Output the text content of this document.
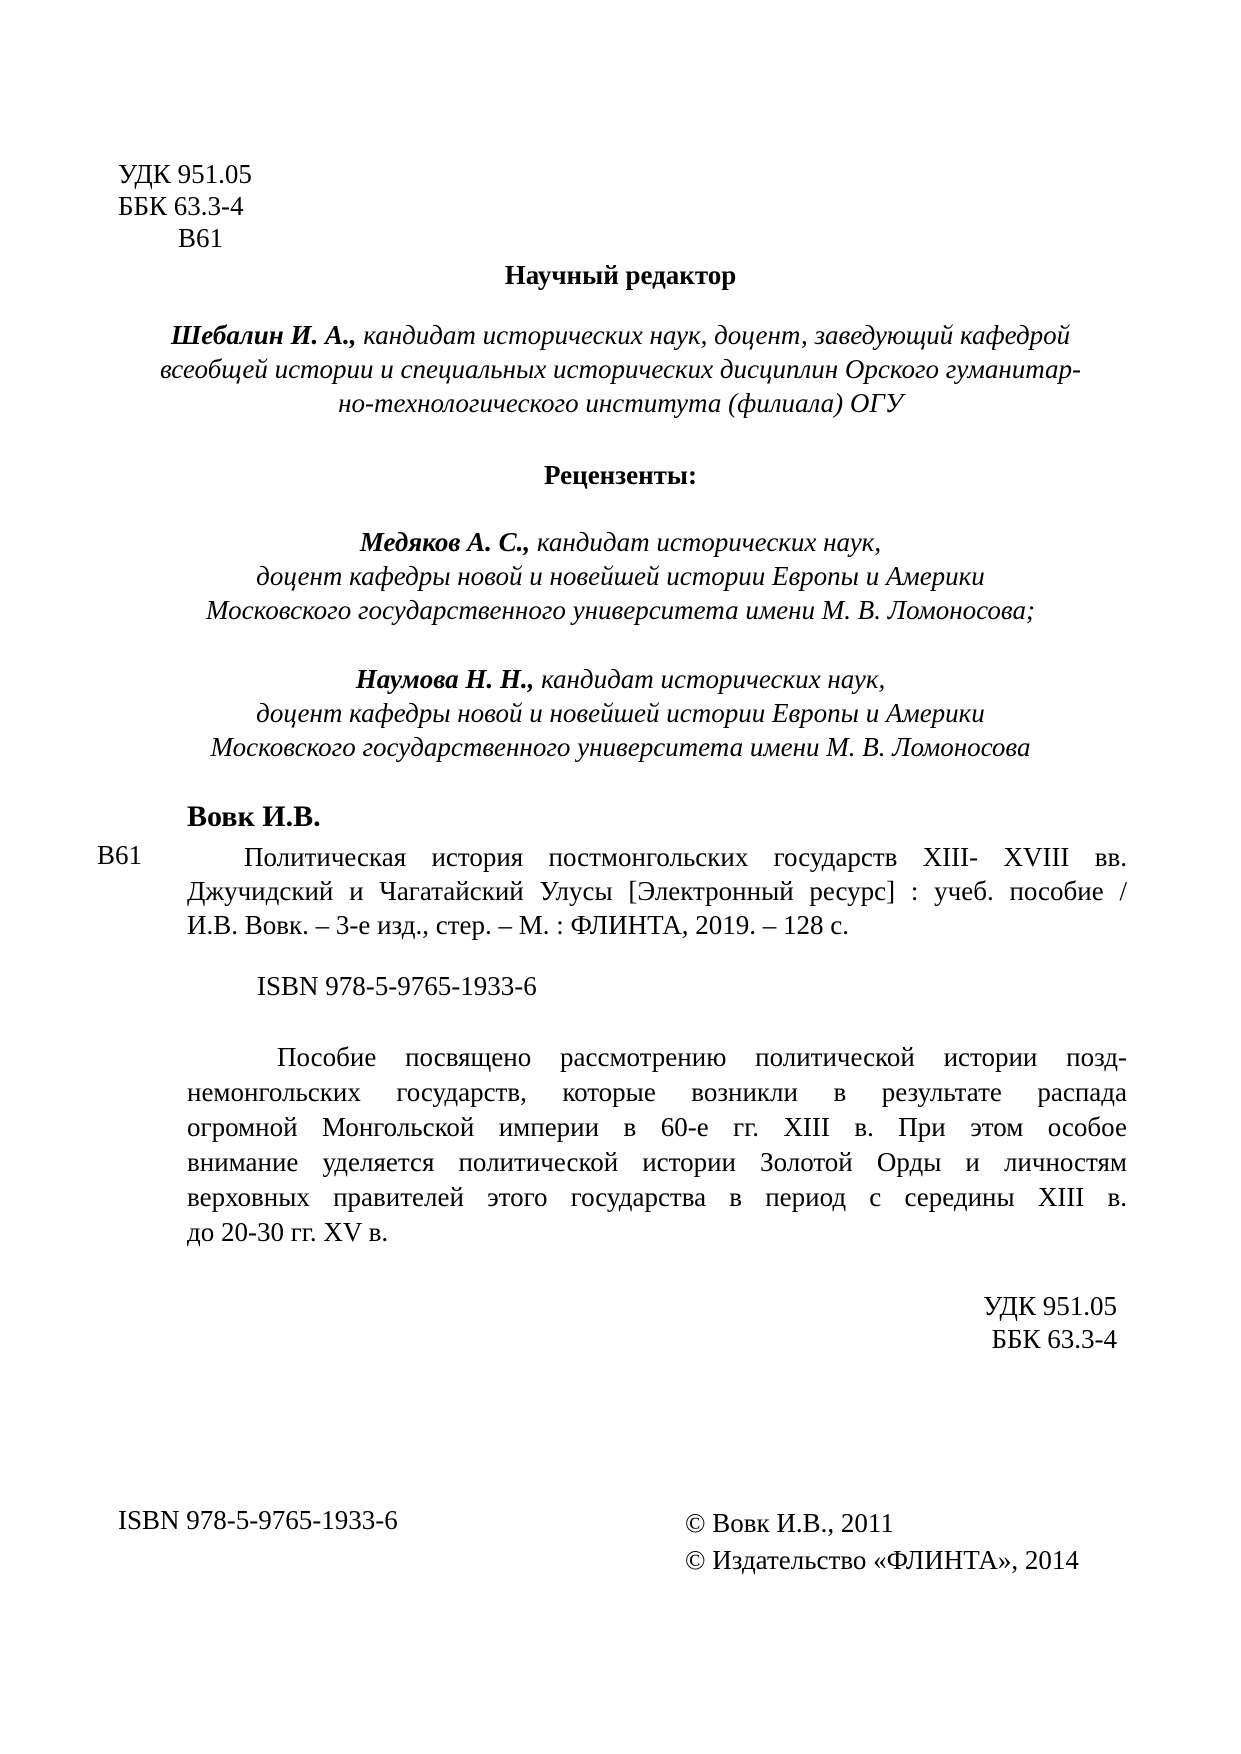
УДК 951.05
ББК 63.3-4
В61
Научный редактор
Шебалин И. А., кандидат исторических наук, доцент, заведующий кафедрой
всеобщей истории и специальных исторических дисциплин Орского гуманитар-
но-технологического института (филиала) ОГУ
Рецензенты:
Медяков А. С., кандидат исторических наук,
доцент кафедры новой и новейшей истории Европы и Америки
Московского государственного университета имени М. В. Ломоносова;
Наумова Н. Н., кандидат исторических наук,
доцент кафедры новой и новейшей истории Европы и Америки
Московского государственного университета имени М. В. Ломоносова
Вовк И.В.
В61	Политическая история постмонгольских государств XIII- XVIII вв.
Джучидский и Чагатайский Улусы [Электронный ресурс] : учеб. пособие /
И.В. Вовк. – 3-е изд., стер. – М. : ФЛИНТА, 2019. – 128 с.
ISBN 978-5-9765-1933-6
Пособие посвящено рассмотрению политической истории позд-
немонгольских государств, которые возникли в результате распада
огромной Монгольской империи в 60-е гг. XIII в. При этом особое
внимание уделяется политической истории Золотой Орды и личностям
верховных правителей этого государства в период с середины XIII в.
до 20-30 гг. XV в.
УДК 951.05
ББК 63.3-4
ISBN 978-5-9765-1933-6	© Вовк И.В., 2011
© Издательство «ФЛИНТА», 2014
